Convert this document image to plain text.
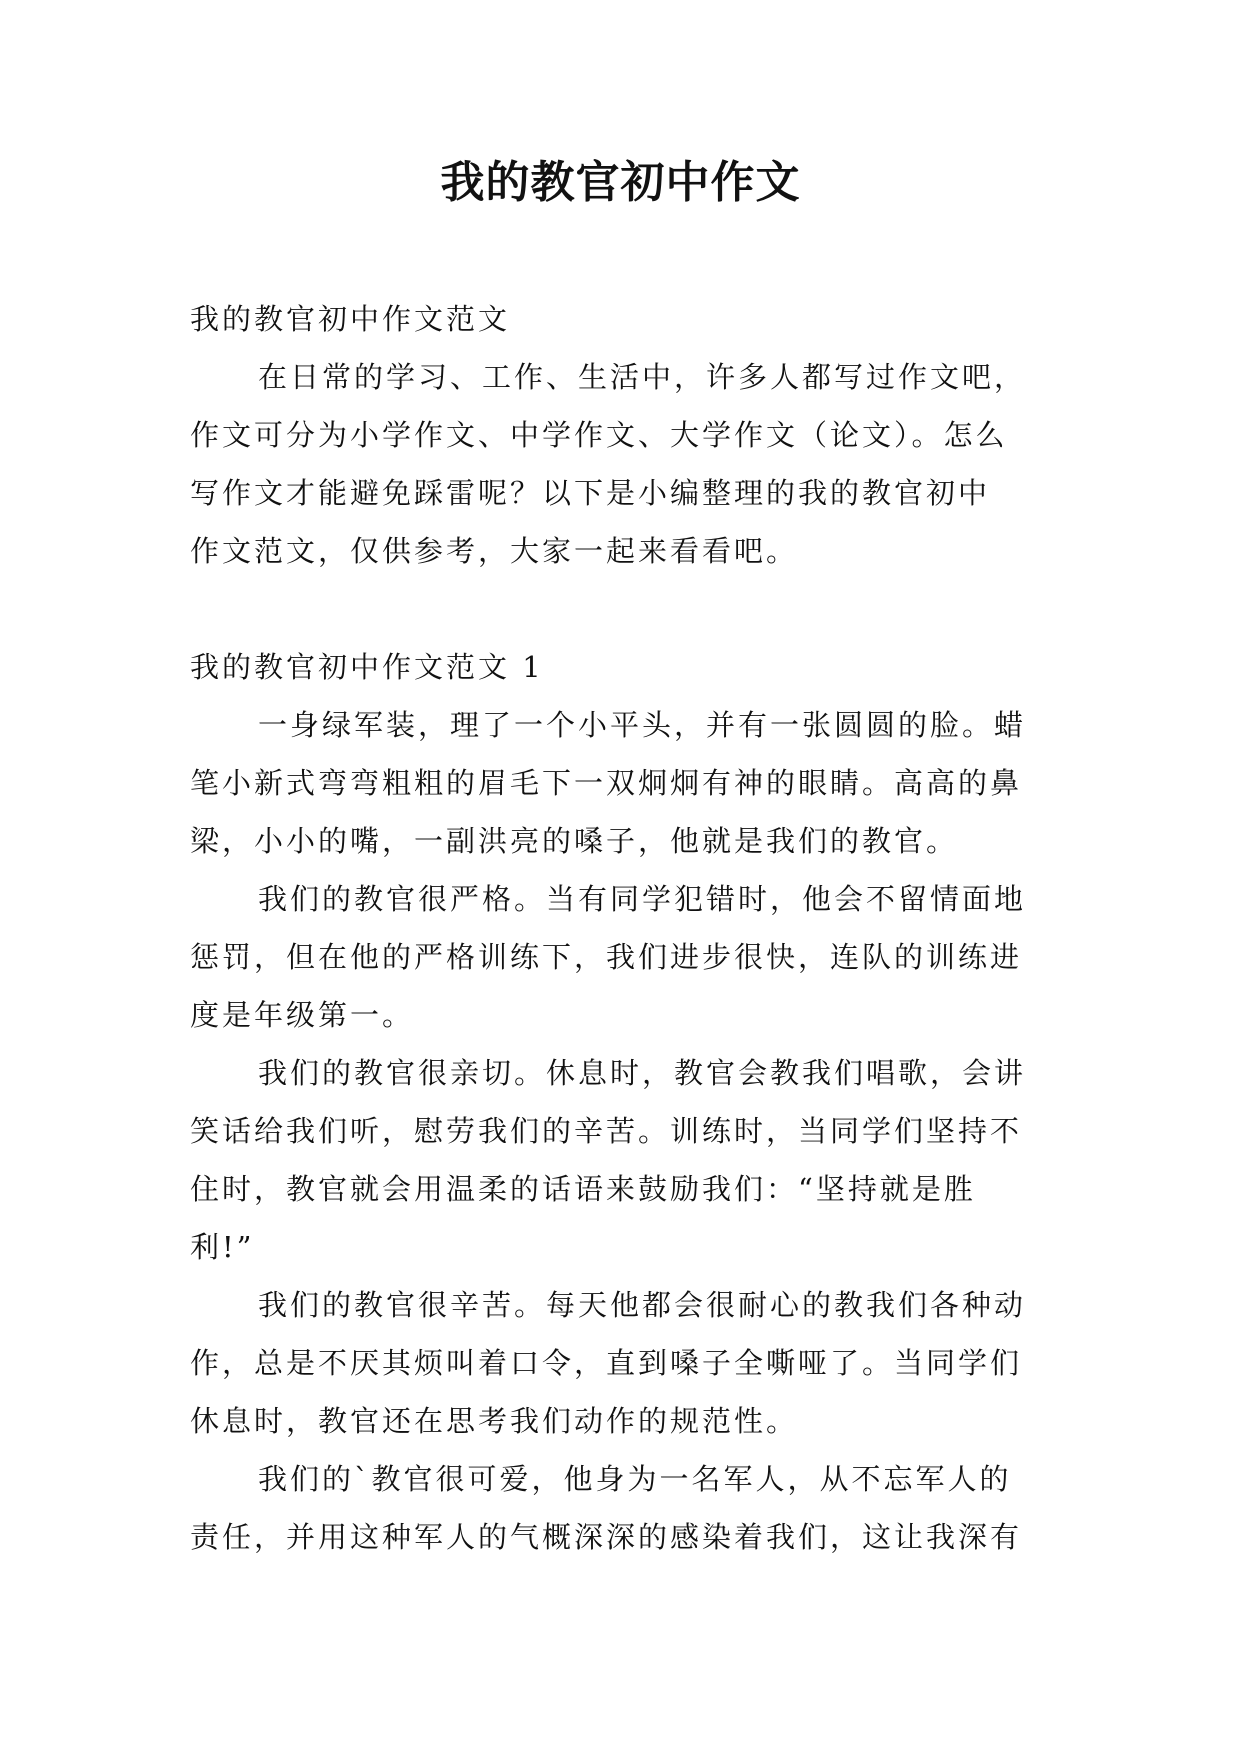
我的教官初中作文
我的教官初中作文范文
在日常的学习、工作、生活中，许多人都写过作文吧，
作文可分为小学作文、中学作文、大学作文（论文）。怎么
写作文才能避免踩雷呢？以下是小编整理的我的教官初中
作文范文，仅供参考，大家一起来看看吧。
我的教官初中作文范文 1
一身绿军装，理了一个小平头，并有一张圆圆的脸。蜡
笔小新式弯弯粗粗的眉毛下一双炯炯有神的眼睛。高高的鼻
梁，小小的嘴，一副洪亮的嗓子，他就是我们的教官。
我们的教官很严格。当有同学犯错时，他会不留情面地
惩罚，但在他的严格训练下，我们进步很快，连队的训练进
度是年级第一。
我们的教官很亲切。休息时，教官会教我们唱歌，会讲
笑话给我们听，慰劳我们的辛苦。训练时，当同学们坚持不
住时，教官就会用温柔的话语来鼓励我们：“坚持就是胜
利!”
我们的教官很辛苦。每天他都会很耐心的教我们各种动
作，总是不厌其烦叫着口令，直到嗓子全嘶哑了。当同学们
休息时，教官还在思考我们动作的规范性。
我们的`教官很可爱，他身为一名军人，从不忘军人的
责任，并用这种军人的气概深深的感染着我们，这让我深有
